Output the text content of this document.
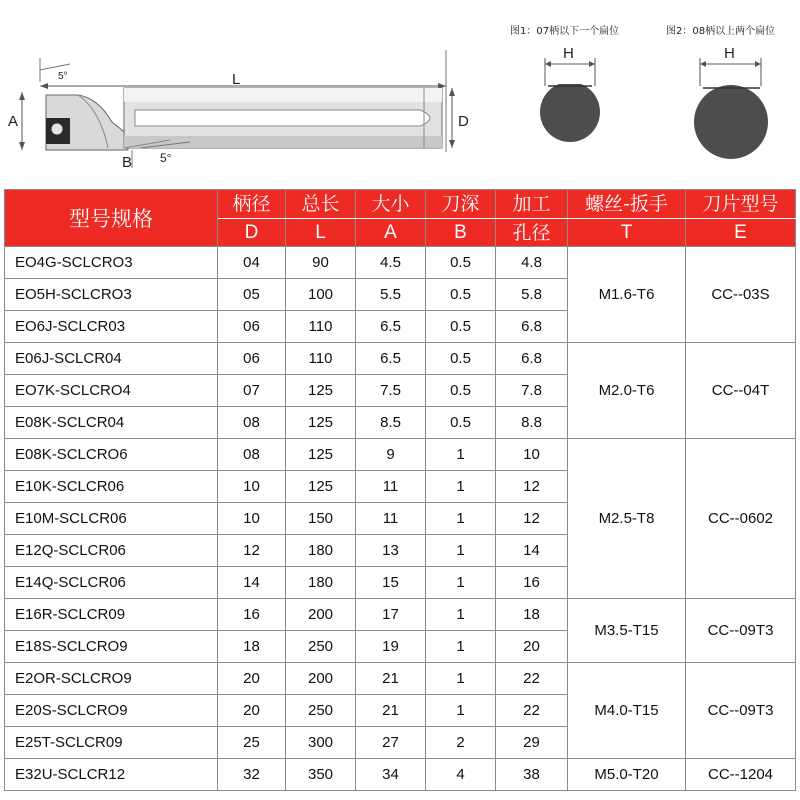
L
5°
A	D
B 5°
H	H
图1：07柄以下一个扁位	图2：08柄以上两个扁位
型号规格	柄径	总长	大小	刀深	加工	螺丝-扳手	刀片型号
	D	L	A	B	孔径	T	E
EO4G-SCLCRO3	04	90	4.5	0.5	4.8	M1.6-T6	CC--03S
EO5H-SCLCRO3	05	100	5.5	0.5	5.8		
EO6J-SCLCR03	06	110	6.5	0.5	6.8		
E06J-SCLCR04	06	110	6.5	0.5	6.8	M2.0-T6	CC--04T
EO7K-SCLCRO4	07	125	7.5	0.5	7.8		
E08K-SCLCR04	08	125	8.5	0.5	8.8		
E08K-SCLCRO6	08	125	9	1	10	M2.5-T8	CC--0602
E10K-SCLCR06	10	125	11	1	12		
E10M-SCLCR06	10	150	11	1	12		
E12Q-SCLCR06	12	180	13	1	14		
E14Q-SCLCR06	14	180	15	1	16		
E16R-SCLCR09	16	200	17	1	18	M3.5-T15	CC--09T3
E18S-SCLCRO9	18	250	19	1	20		
E2OR-SCLCRO9	20	200	21	1	22	M4.0-T15	CC--09T3
E20S-SCLCRO9	20	250	21	1	22		
E25T-SCLCR09	25	300	27	2	29		
E32U-SCLCR12	32	350	34	4	38	M5.0-T20	CC--1204
